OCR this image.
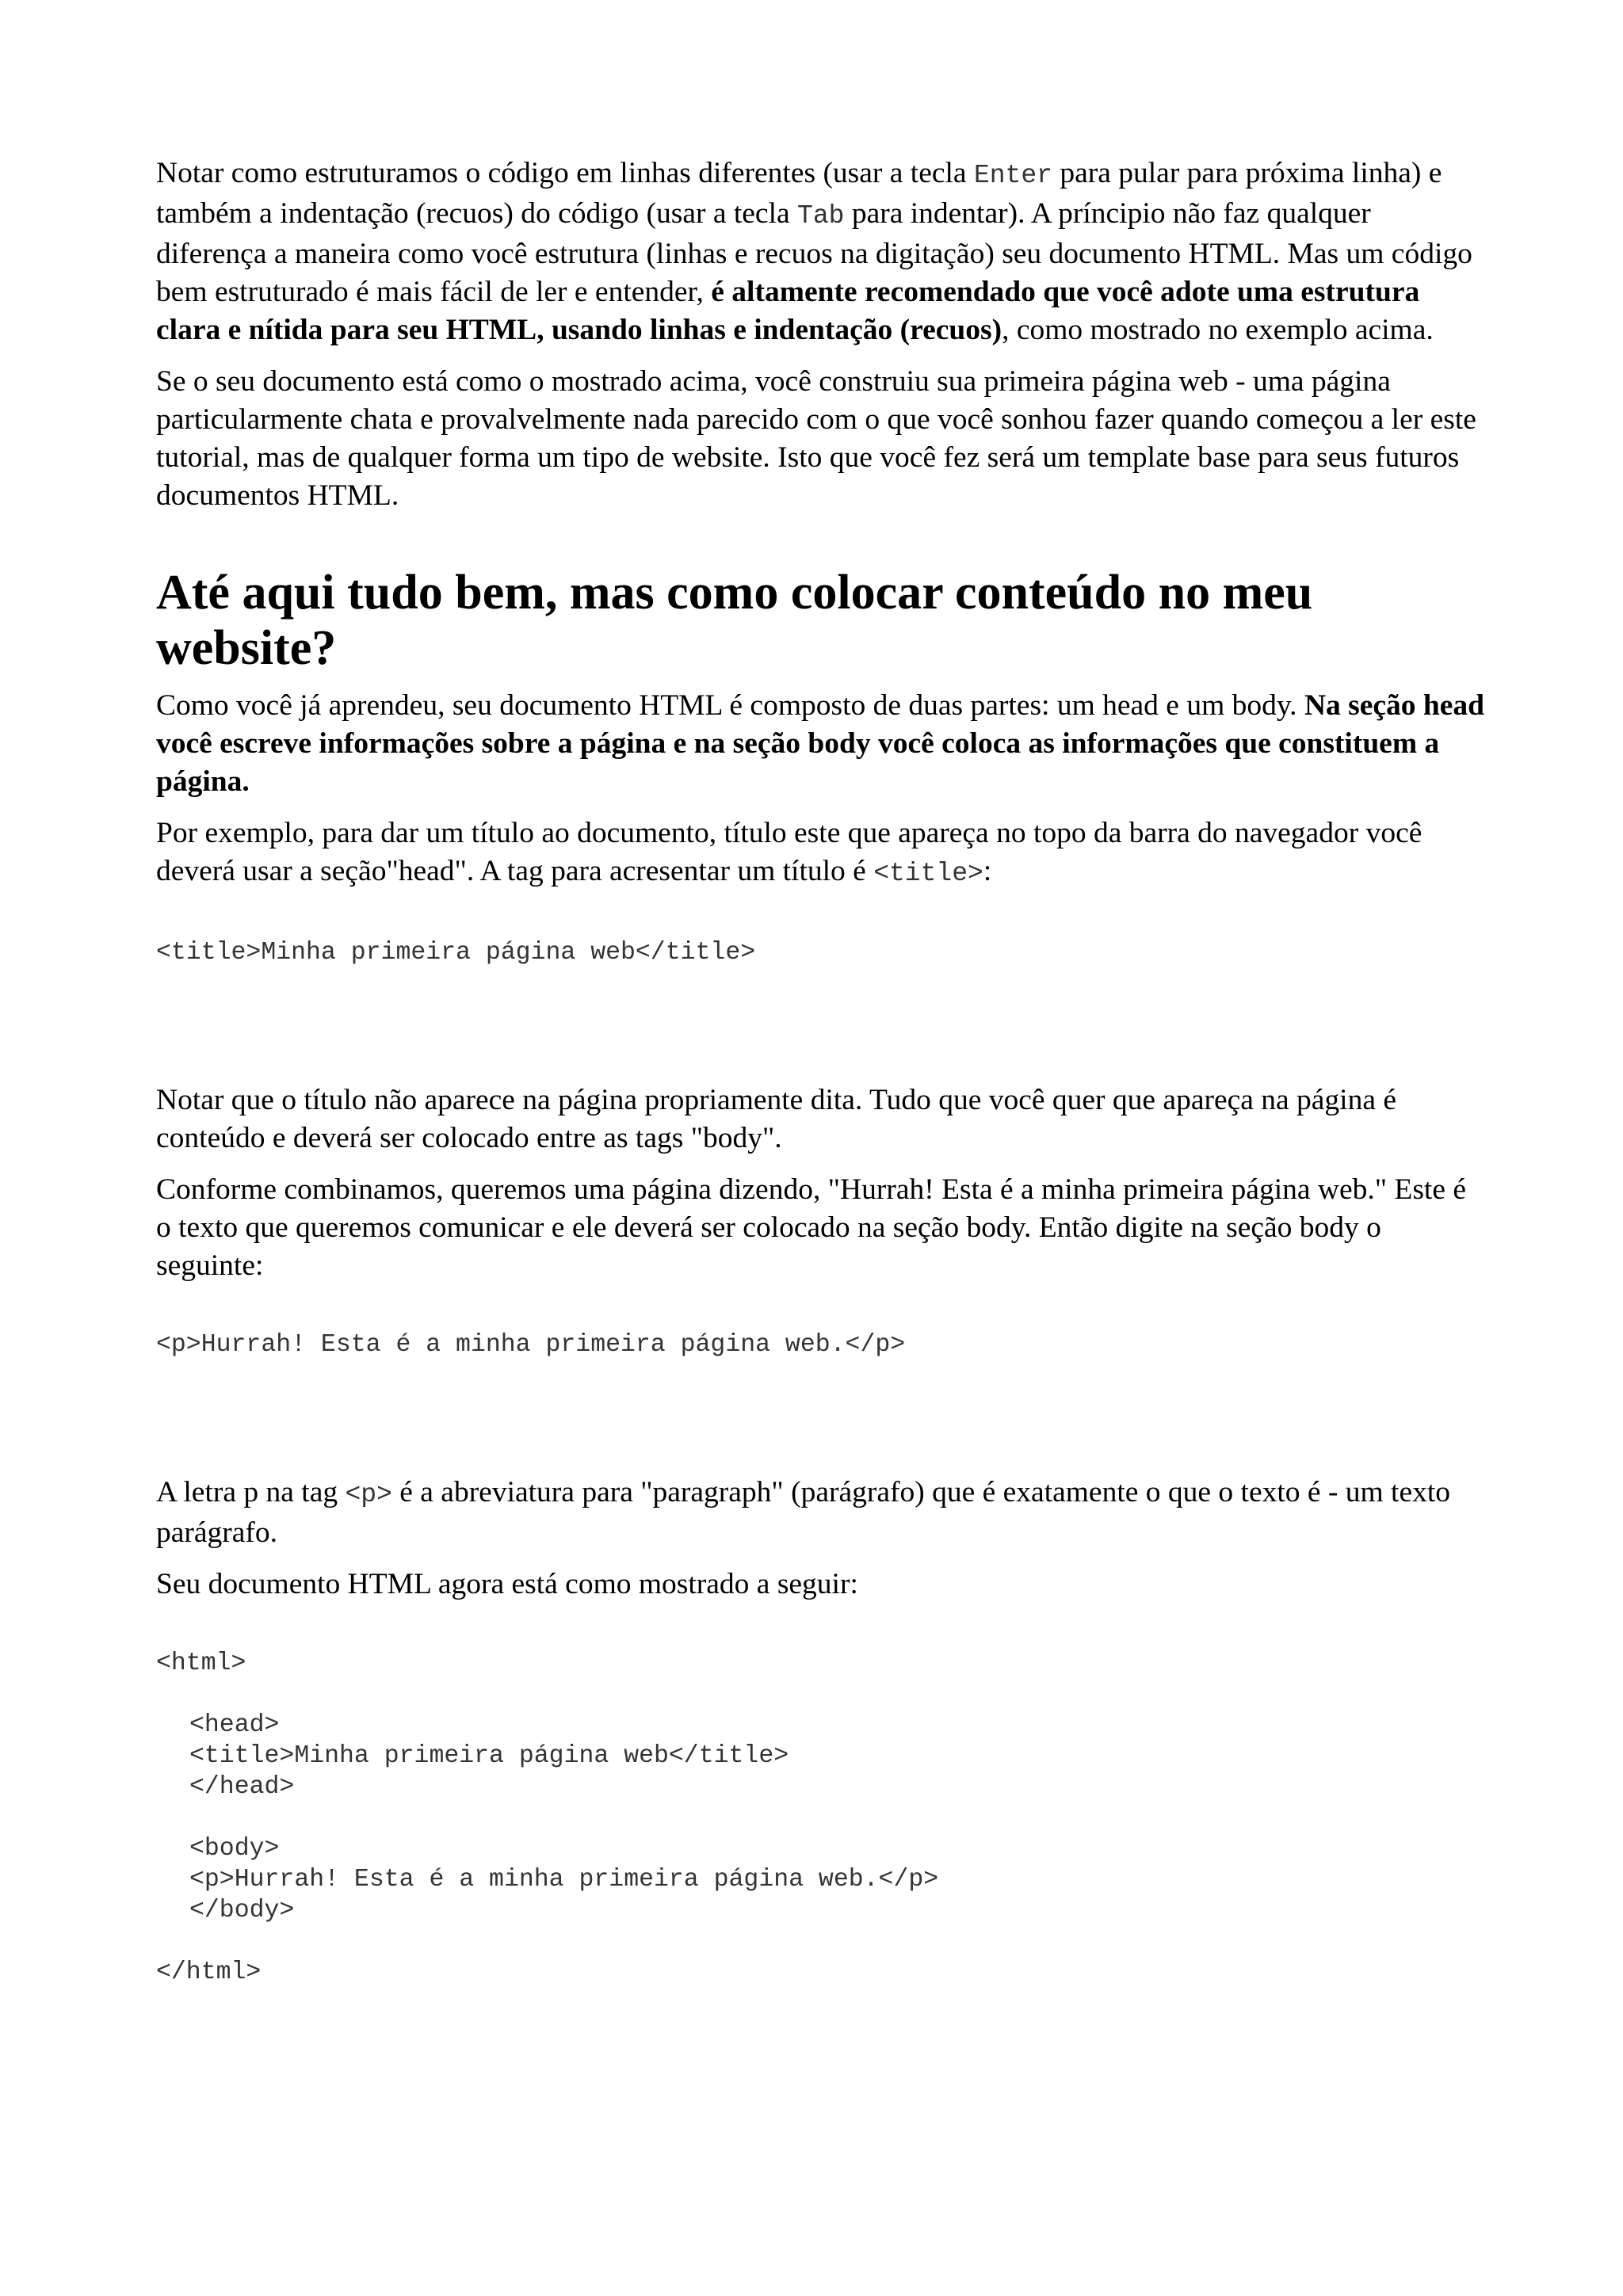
Notar como estruturamos o código em linhas diferentes (usar a tecla Enter para pular para próxima linha) e também a indentação (recuos) do código (usar a tecla Tab para indentar). A príncipio não faz qualquer diferença a maneira como você estrutura (linhas e recuos na digitação) seu documento HTML. Mas um código bem estruturado é mais fácil de ler e entender, é altamente recomendado que você adote uma estrutura clara e nítida para seu HTML, usando linhas e indentação (recuos), como mostrado no exemplo acima.

Se o seu documento está como o mostrado acima, você construiu sua primeira página web - uma página particularmente chata e provalvelmente nada parecido com o que você sonhou fazer quando começou a ler este tutorial, mas de qualquer forma um tipo de website. Isto que você fez será um template base para seus futuros documentos HTML.

Até aqui tudo bem, mas como colocar conteúdo no meu website?

Como você já aprendeu, seu documento HTML é composto de duas partes: um head e um body. Na seção head você escreve informações sobre a página e na seção body você coloca as informações que constituem a página.

Por exemplo, para dar um título ao documento, título este que apareça no topo da barra do navegador você deverá usar a seção"head". A tag para acresentar um título é <title>:

<title>Minha primeira página web</title>

Notar que o título não aparece na página propriamente dita. Tudo que você quer que apareça na página é conteúdo e deverá ser colocado entre as tags "body".

Conforme combinamos, queremos uma página dizendo, "Hurrah! Esta é a minha primeira página web." Este é o texto que queremos comunicar e ele deverá ser colocado na seção body. Então digite na seção body o seguinte:

<p>Hurrah! Esta é a minha primeira página web.</p>

A letra p na tag <p> é a abreviatura para "paragraph" (parágrafo) que é exatamente o que o texto é - um texto parágrafo.

Seu documento HTML agora está como mostrado a seguir:

<html>
<head>
<title>Minha primeira página web</title>
</head>
<body>
<p>Hurrah! Esta é a minha primeira página web.</p>
</body>
</html>
